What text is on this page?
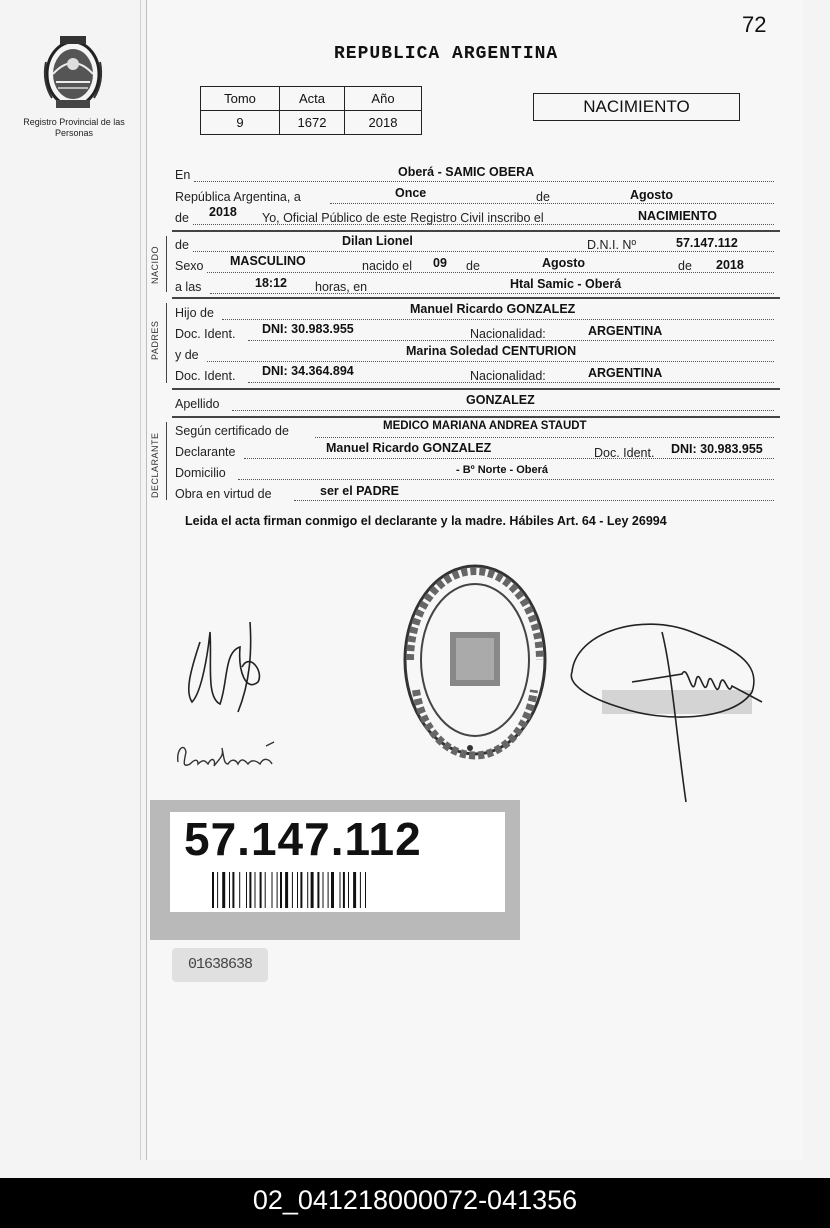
72
Registro Provincial de las Personas
REPUBLICA ARGENTINA
Tomo	Acta	Año
9	1672	2018
NACIMIENTO
En	Oberá - SAMIC OBERA
República Argentina, a	Once	de	Agosto
de 2018 Yo, Oficial Público de este Registro Civil inscribo el	NACIMIENTO
NACIDO
de	Dilan Lionel	D.N.I. Nº	57.147.112
Sexo MASCULINO	nacido el 09 de	Agosto	de 2018
a las	18:12 horas, en	Htal Samic - Oberá
PADRES
Hijo de	Manuel Ricardo GONZALEZ
Doc. Ident. DNI: 30.983.955	Nacionalidad:	ARGENTINA
y de	Marina Soledad CENTURION
Doc. Ident. DNI: 34.364.894	Nacionalidad:	ARGENTINA
Apellido	GONZALEZ
DECLARANTE
Según certificado de	MEDICO MARIANA ANDREA STAUDT
Declarante	Manuel Ricardo GONZALEZ	Doc. Ident. DNI: 30.983.955
Domicilio	- Bº Norte - Oberá
Obra en virtud de	ser el PADRE
Leida el acta firman conmigo el declarante y la madre. Hábiles Art. 64 - Ley 26994
57.147.112
01638638
02_041218000072-041356
